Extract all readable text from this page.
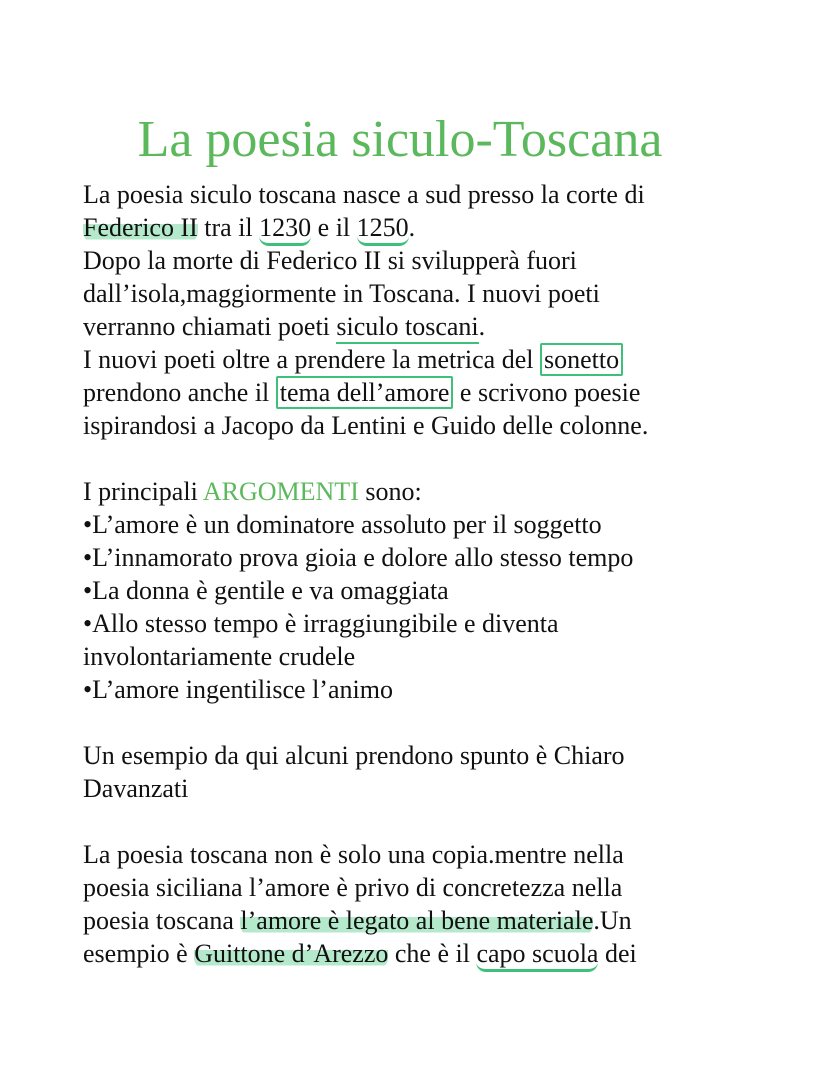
La poesia siculo-Toscana
La poesia siculo toscana nasce a sud presso la corte di
Federico II tra il 1230 e il 1250.
Dopo la morte di Federico II si svilupperà fuori
dall’isola,maggiormente in Toscana. I nuovi poeti
verranno chiamati poeti siculo toscani.
I nuovi poeti oltre a prendere la metrica del sonetto
prendono anche il tema dell’amore e scrivono poesie
ispirandosi a Jacopo da Lentini e Guido delle colonne.
I principali ARGOMENTI sono:
•L’amore è un dominatore assoluto per il soggetto
•L’innamorato prova gioia e dolore allo stesso tempo
•La donna è gentile e va omaggiata
•Allo stesso tempo è irraggiungibile e diventa
involontariamente crudele
•L’amore ingentilisce l’animo
Un esempio da qui alcuni prendono spunto è Chiaro
Davanzati
La poesia toscana non è solo una copia.mentre nella
poesia siciliana l’amore è privo di concretezza nella
poesia toscana l’amore è legato al bene materiale.Un
esempio è Guittone d’Arezzo che è il capo scuola dei
